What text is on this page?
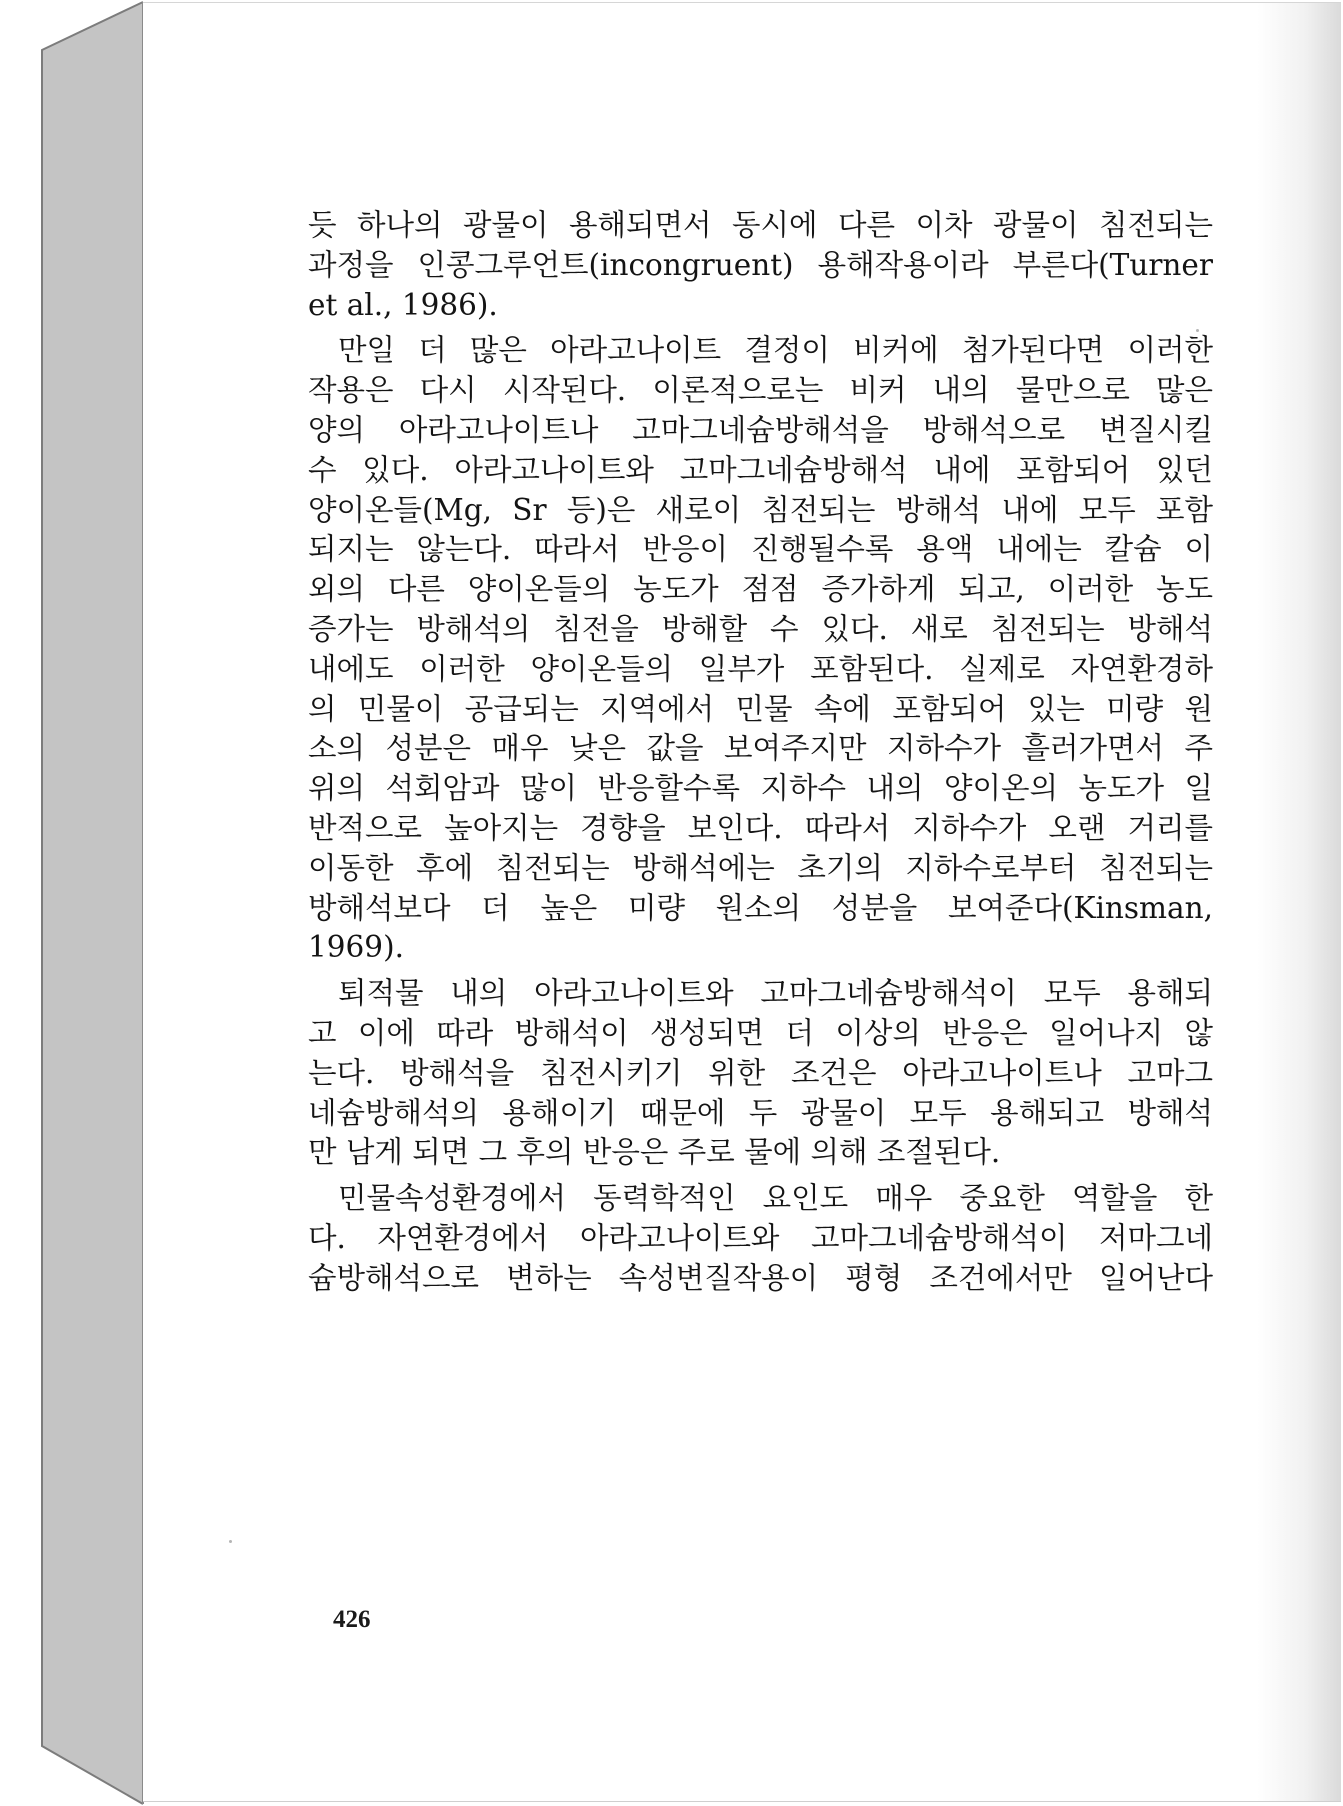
듯 하나의 광물이 용해되면서 동시에 다른 이차 광물이 침전되는
과정을 인콩그루언트(incongruent) 용해작용이라 부른다(Turner
et al., 1986).
만일 더 많은 아라고나이트 결정이 비커에 첨가된다면 이러한
작용은 다시 시작된다. 이론적으로는 비커 내의 물만으로 많은
양의 아라고나이트나 고마그네슘방해석을 방해석으로 변질시킬
수 있다. 아라고나이트와 고마그네슘방해석 내에 포함되어 있던
양이온들(Mg, Sr 등)은 새로이 침전되는 방해석 내에 모두 포함
되지는 않는다. 따라서 반응이 진행될수록 용액 내에는 칼슘 이
외의 다른 양이온들의 농도가 점점 증가하게 되고, 이러한 농도
증가는 방해석의 침전을 방해할 수 있다. 새로 침전되는 방해석
내에도 이러한 양이온들의 일부가 포함된다. 실제로 자연환경하
의 민물이 공급되는 지역에서 민물 속에 포함되어 있는 미량 원
소의 성분은 매우 낮은 값을 보여주지만 지하수가 흘러가면서 주
위의 석회암과 많이 반응할수록 지하수 내의 양이온의 농도가 일
반적으로 높아지는 경향을 보인다. 따라서 지하수가 오랜 거리를
이동한 후에 침전되는 방해석에는 초기의 지하수로부터 침전되는
방해석보다 더 높은 미량 원소의 성분을 보여준다(Kinsman,
1969).
퇴적물 내의 아라고나이트와 고마그네슘방해석이 모두 용해되
고 이에 따라 방해석이 생성되면 더 이상의 반응은 일어나지 않
는다. 방해석을 침전시키기 위한 조건은 아라고나이트나 고마그
네슘방해석의 용해이기 때문에 두 광물이 모두 용해되고 방해석
만 남게 되면 그 후의 반응은 주로 물에 의해 조절된다.
민물속성환경에서 동력학적인 요인도 매우 중요한 역할을 한
다. 자연환경에서 아라고나이트와 고마그네슘방해석이 저마그네
슘방해석으로 변하는 속성변질작용이 평형 조건에서만 일어난다
426
